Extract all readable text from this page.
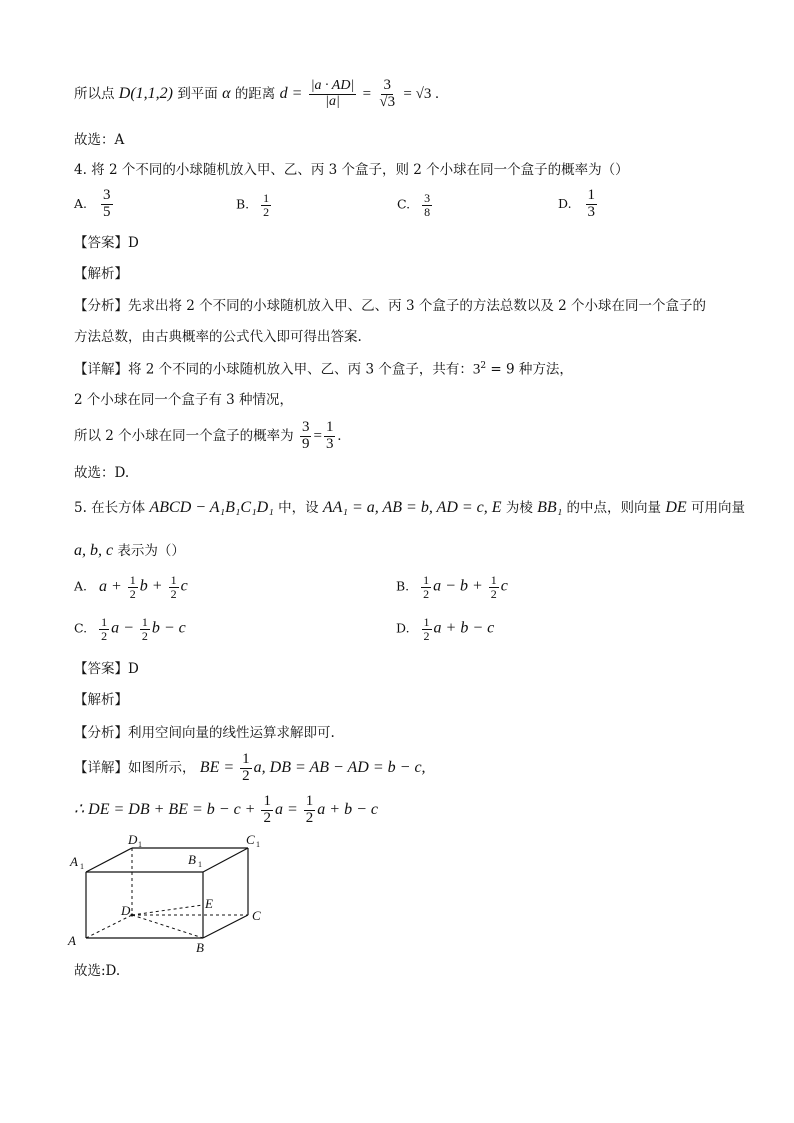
所以点 D(1,1,2) 到平面 α 的距离 $d = \frac{|a \cdot AD|}{|a|} = \frac{3}{√3} = √3$ .
故选：A
4. 将 2 个不同的小球随机放入甲、乙、丙 3 个盒子，则 2 个小球在同一个盒子的概率为（）
A. $\frac{3}{5}$	B. $\frac{1}{2}$	C. $\frac{3}{8}$	D. $\frac{1}{3}$
【答案】D
【解析】
【分析】先求出将 2 个不同的小球随机放入甲、乙、丙 3 个盒子的方法总数以及 2 个小球在同一个盒子的
方法总数，由古典概率的公式代入即可得出答案.
【详解】将 2 个不同的小球随机放入甲、乙、丙 3 个盒子，共有：$3^2 = 9$ 种方法，
2 个小球在同一个盒子有 3 种情况，
所以 2 个小球在同一个盒子的概率为 $\frac{3}{9} = \frac{1}{3}$ .
故选：D.
5. 在长方体 ABCD − A₁B₁C₁D₁ 中，设 AA₁ = a, AB = b, AD = c, E 为棱 BB₁ 的中点，则向量 DE 可用向量
a, b, c 表示为（）
A. $a + \frac{1}{2}$ $b + \frac{1}{2}$ c	B. $\frac{1}{2}$ $a - b + \frac{1}{2}$ c
C. $\frac{1}{2}$ $a - \frac{1}{2}$ b − c	D. $\frac{1}{2}$ a + b − c
【答案】D
【解析】
【分析】利用空间向量的线性运算求解即可.
【详解】如图所示， BE = $\frac{1}{2} a$, DB = AB − AD = b − c,
∴ DE = DB + BE = $b - c + \frac{1}{2}$ $a = \frac{1}{2}$ a + b − c
A	B
C
D	E
A 1	B 1
C 1
D 1
故选:D.
